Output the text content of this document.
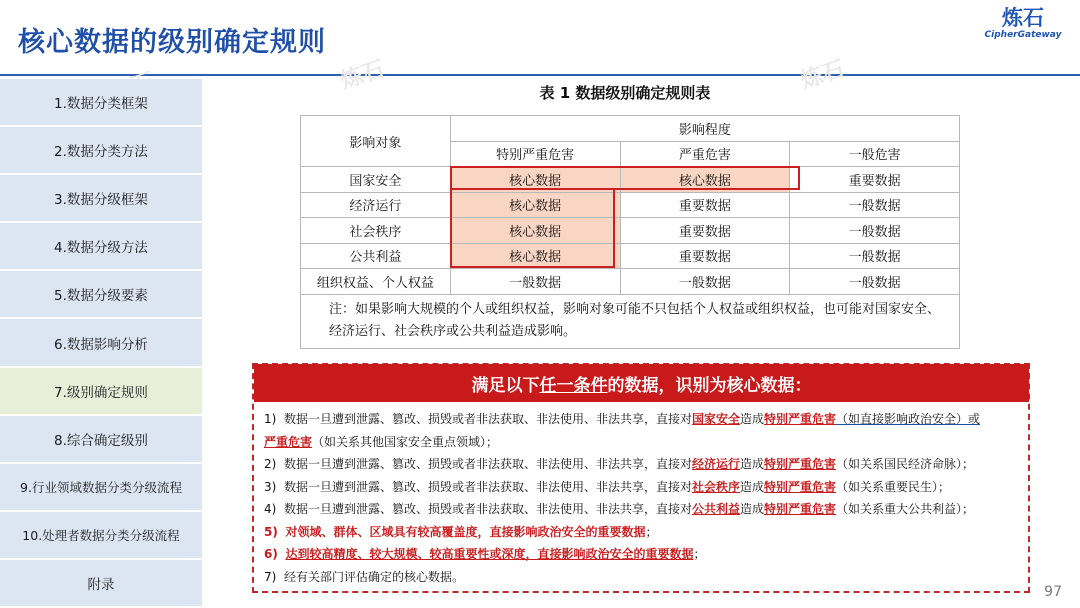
核心数据的级别确定规则
炼石
CipherGateway
炼石	炼石
1.数据分类框架
2.数据分类方法
3.数据分级框架
4.数据分级方法
5.数据分级要素
6.数据影响分析
7.级别确定规则
8.综合确定级别
9.行业领域数据分类分级流程
10.处理者数据分类分级流程
附录
表 1 数据级别确定规则表
影响对象	影响程度		
	特别严重危害	严重危害	一般危害
国家安全	核心数据	核心数据	重要数据
经济运行	核心数据	重要数据	一般数据
社会秩序	核心数据	重要数据	一般数据
公共利益	核心数据	重要数据	一般数据
组织权益、个人权益	一般数据	一般数据	一般数据
注：如果影响大规模的个人或组织权益，影响对象可能不只包括个人权益或组织权益，也可能对国家安全、经济运行、社会秩序或公共利益造成影响。			
满足以下 任一条件 的数据，识别为核心数据：
1) 数据一旦遭到泄露、篡改、损毁或者非法获取、非法使用、非法共享，直接对国家安全造成特别严重危害（如直接影响政治安全）或
严重危害（如关系其他国家安全重点领域）；
2) 数据一旦遭到泄露、篡改、损毁或者非法获取、非法使用、非法共享，直接对经济运行造成特别严重危害（如关系国民经济命脉）；
3) 数据一旦遭到泄露、篡改、损毁或者非法获取、非法使用、非法共享，直接对社会秩序造成特别严重危害（如关系重要民生）；
4) 数据一旦遭到泄露、篡改、损毁或者非法获取、非法使用、非法共享，直接对公共利益造成特别严重危害（如关系重大公共利益）；
5) 对领域、群体、区域具有较高覆盖度，直接影响政治安全的重要数据；
6) 达到较高精度、较大规模、较高重要性或深度，直接影响政治安全的重要数据；
7) 经有关部门评估确定的核心数据。
97
